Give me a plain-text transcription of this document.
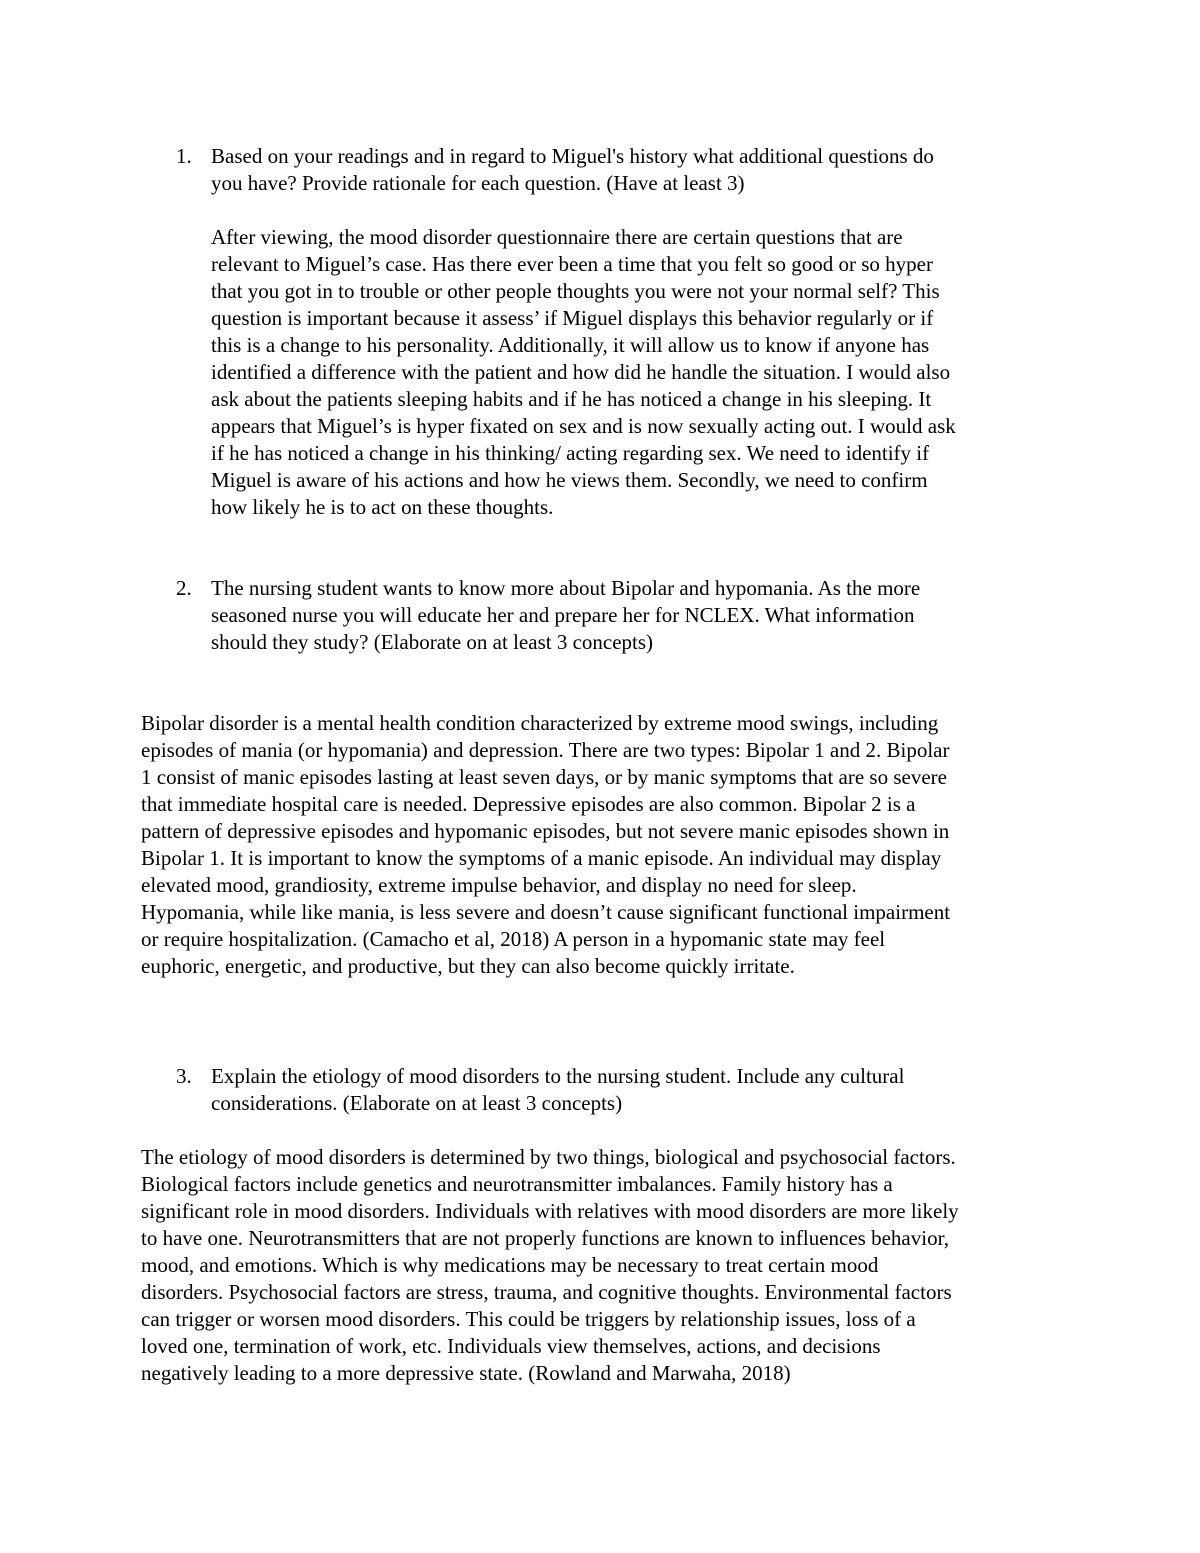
1. Based on your readings and in regard to Miguel's history what additional questions do
you have? Provide rationale for each question. (Have at least 3)
After viewing, the mood disorder questionnaire there are certain questions that are
relevant to Miguel’s case. Has there ever been a time that you felt so good or so hyper
that you got in to trouble or other people thoughts you were not your normal self? This
question is important because it assess’ if Miguel displays this behavior regularly or if
this is a change to his personality. Additionally, it will allow us to know if anyone has
identified a difference with the patient and how did he handle the situation. I would also
ask about the patients sleeping habits and if he has noticed a change in his sleeping. It
appears that Miguel’s is hyper fixated on sex and is now sexually acting out. I would ask
if he has noticed a change in his thinking/ acting regarding sex. We need to identify if
Miguel is aware of his actions and how he views them. Secondly, we need to confirm
how likely he is to act on these thoughts.
2. The nursing student wants to know more about Bipolar and hypomania. As the more
seasoned nurse you will educate her and prepare her for NCLEX. What information
should they study? (Elaborate on at least 3 concepts)
Bipolar disorder is a mental health condition characterized by extreme mood swings, including
episodes of mania (or hypomania) and depression. There are two types: Bipolar 1 and 2. Bipolar
1 consist of manic episodes lasting at least seven days, or by manic symptoms that are so severe
that immediate hospital care is needed. Depressive episodes are also common. Bipolar 2 is a
pattern of depressive episodes and hypomanic episodes, but not severe manic episodes shown in
Bipolar 1. It is important to know the symptoms of a manic episode. An individual may display
elevated mood, grandiosity, extreme impulse behavior, and display no need for sleep.
Hypomania, while like mania, is less severe and doesn’t cause significant functional impairment
or require hospitalization. (Camacho et al, 2018) A person in a hypomanic state may feel
euphoric, energetic, and productive, but they can also become quickly irritate.
3. Explain the etiology of mood disorders to the nursing student. Include any cultural
considerations. (Elaborate on at least 3 concepts)
The etiology of mood disorders is determined by two things, biological and psychosocial factors.
Biological factors include genetics and neurotransmitter imbalances. Family history has a
significant role in mood disorders. Individuals with relatives with mood disorders are more likely
to have one. Neurotransmitters that are not properly functions are known to influences behavior,
mood, and emotions. Which is why medications may be necessary to treat certain mood
disorders. Psychosocial factors are stress, trauma, and cognitive thoughts. Environmental factors
can trigger or worsen mood disorders. This could be triggers by relationship issues, loss of a
loved one, termination of work, etc. Individuals view themselves, actions, and decisions
negatively leading to a more depressive state. (Rowland and Marwaha, 2018)
